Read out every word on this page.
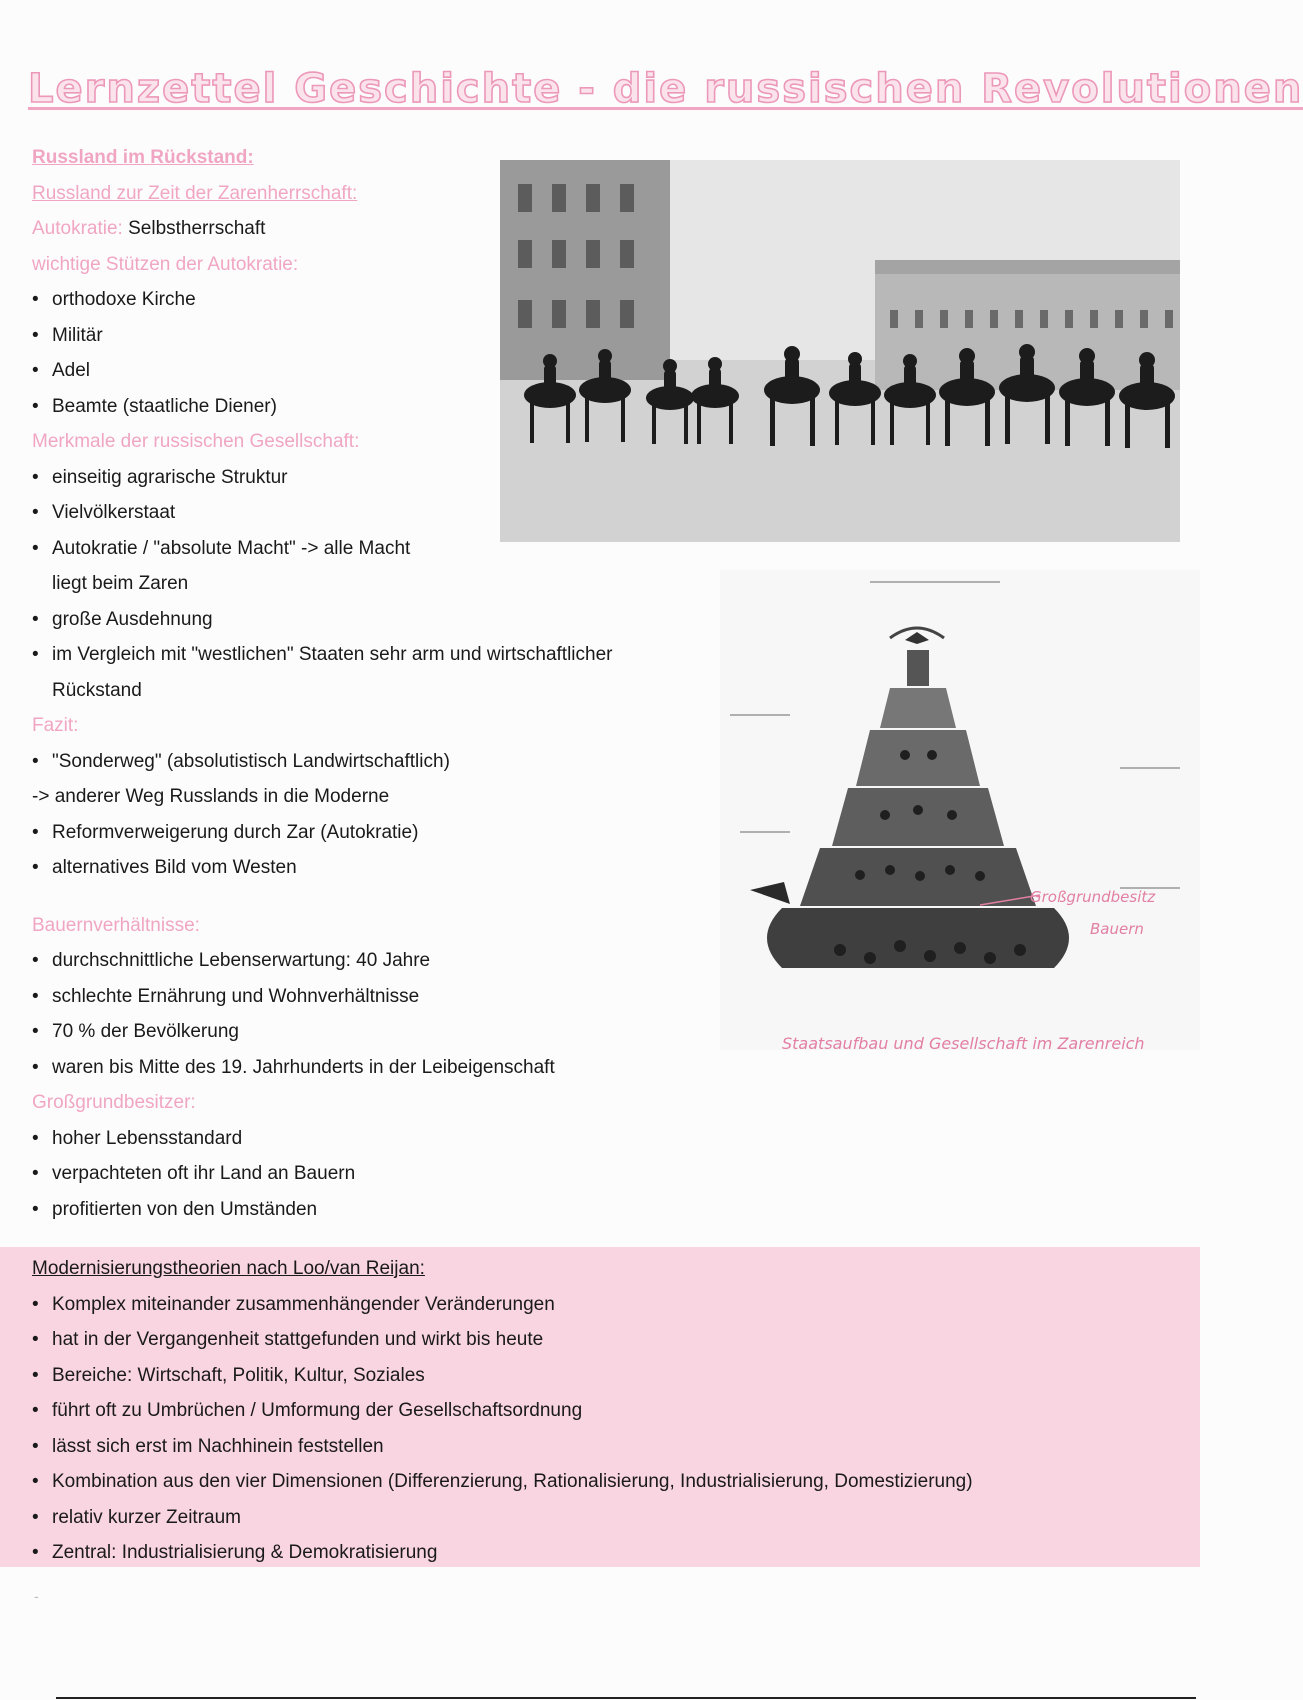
Lernzettel Geschichte - die russischen Revolutionen
Russland im Rückstand:
Russland zur Zeit der Zarenherrschaft:
Autokratie: Selbstherrschaft
wichtige Stützen der Autokratie:
• orthodoxe Kirche
• Militär
• Adel
• Beamte (staatliche Diener)
Merkmale der russischen Gesellschaft:
• einseitig agrarische Struktur
• Vielvölkerstaat
• Autokratie / "absolute Macht" -> alle Macht
liegt beim Zaren
• große Ausdehnung
• im Vergleich mit "westlichen" Staaten sehr arm und wirtschaftlicher
Rückstand
Fazit:
• "Sonderweg" (absolutistisch Landwirtschaftlich)
-> anderer Weg Russlands in die Moderne
• Reformverweigerung durch Zar (Autokratie)
• alternatives Bild vom Westen
Bauernverhältnisse:
• durchschnittliche Lebenserwartung: 40 Jahre
• schlechte Ernährung und Wohnverhältnisse
• 70 % der Bevölkerung
• waren bis Mitte des 19. Jahrhunderts in der Leibeigenschaft
Großgrundbesitzer:
• hoher Lebensstandard
• verpachteten oft ihr Land an Bauern
• profitierten von den Umständen
Großgrundbesitz
Bauern
Staatsaufbau und Gesellschaft im Zarenreich
Modernisierungstheorien nach Loo/van Reijan:
• Komplex miteinander zusammenhängender Veränderungen
• hat in der Vergangenheit stattgefunden und wirkt bis heute
• Bereiche: Wirtschaft, Politik, Kultur, Soziales
• führt oft zu Umbrüchen / Umformung der Gesellschaftsordnung
• lässt sich erst im Nachhinein feststellen
• Kombination aus den vier Dimensionen (Differenzierung, Rationalisierung, Industrialisierung, Domestizierung)
• relativ kurzer Zeitraum
• Zentral: Industrialisierung & Demokratisierung
-
